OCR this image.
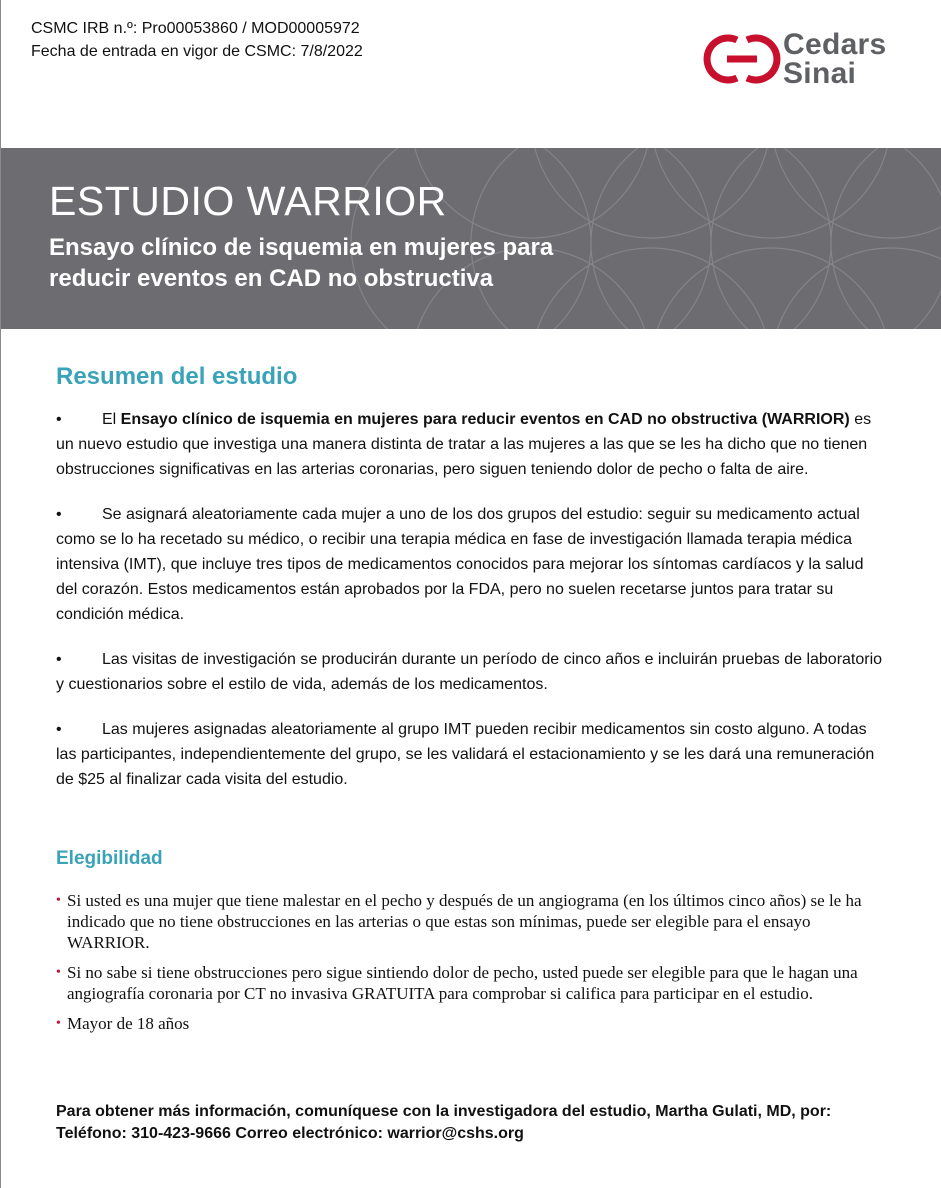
CSMC IRB n.º: Pro00053860 / MOD00005972
Fecha de entrada en vigor de CSMC: 7/8/2022	Cedars
Sinai
ESTUDIO WARRIOR
Ensayo clínico de isquemia en mujeres para
reducir eventos en CAD no obstructiva
Resumen del estudio

•	El Ensayo clínico de isquemia en mujeres para reducir eventos en CAD no obstructiva (WARRIOR) es un nuevo estudio que investiga una manera distinta de tratar a las mujeres a las que se les ha dicho que no tienen obstrucciones significativas en las arterias coronarias, pero siguen teniendo dolor de pecho o falta de aire.

•	Se asignará aleatoriamente cada mujer a uno de los dos grupos del estudio: seguir su medicamento actual como se lo ha recetado su médico, o recibir una terapia médica en fase de investigación llamada terapia médica intensiva (IMT), que incluye tres tipos de medicamentos conocidos para mejorar los síntomas cardíacos y la salud del corazón. Estos medicamentos están aprobados por la FDA, pero no suelen recetarse juntos para tratar su condición médica.

•	Las visitas de investigación se producirán durante un período de cinco años e incluirán pruebas de laboratorio y cuestionarios sobre el estilo de vida, además de los medicamentos.

•	Las mujeres asignadas aleatoriamente al grupo IMT pueden recibir medicamentos sin costo alguno. A todas las participantes, independientemente del grupo, se les validará el estacionamiento y se les dará una remuneración de $25 al finalizar cada visita del estudio.

Elegibilidad
• Si usted es una mujer que tiene malestar en el pecho y después de un angiograma (en los últimos cinco años) se le ha indicado que no tiene obstrucciones en las arterias o que estas son mínimas, puede ser elegible para el ensayo WARRIOR.
• Si no sabe si tiene obstrucciones pero sigue sintiendo dolor de pecho, usted puede ser elegible para que le hagan una angiografía coronaria por CT no invasiva GRATUITA para comprobar si califica para participar en el estudio.
• Mayor de 18 años
Para obtener más información, comuníquese con la investigadora del estudio, Martha Gulati, MD, por: Teléfono: 310-423-9666 Correo electrónico: warrior@cshs.org
